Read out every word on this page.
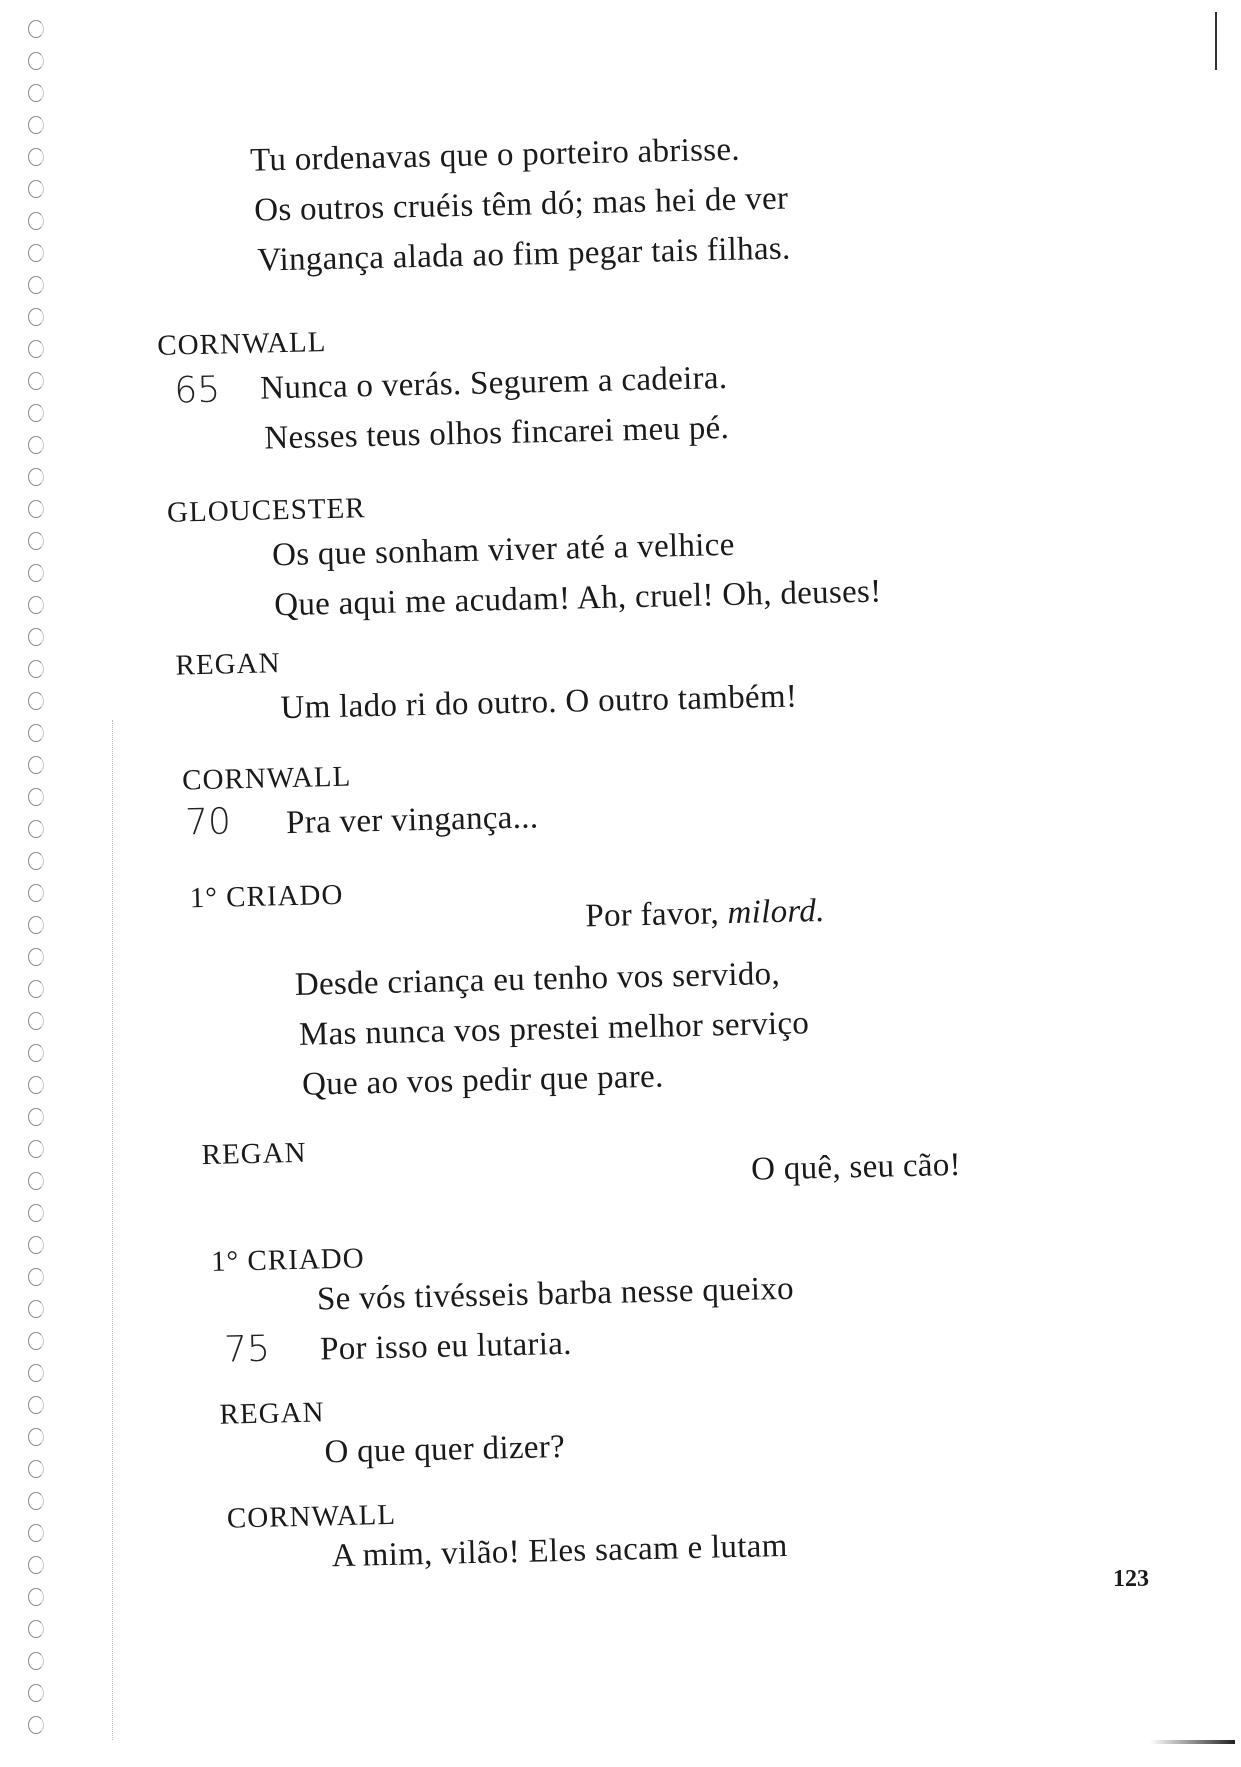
Tu ordenavas que o porteiro abrisse.
Os outros cruéis têm dó; mas hei de ver
Vingança alada ao fim pegar tais filhas.
CORNWALL
65 Nunca o verás. Segurem a cadeira.
Nesses teus olhos fincarei meu pé.
GLOUCESTER
Os que sonham viver até a velhice
Que aqui me acudam! Ah, cruel! Oh, deuses!
REGAN
Um lado ri do outro. O outro também!
CORNWALL
70 Pra ver vingança...
1° CRIADO	Por favor, milord.
Desde criança eu tenho vos servido,
Mas nunca vos prestei melhor serviço
Que ao vos pedir que pare.
REGAN	O quê, seu cão!
1° CRIADO
Se vós tivésseis barba nesse queixo
75 Por isso eu lutaria.
REGAN
O que quer dizer?
CORNWALL
A mim, vilão! Eles sacam e lutam
123
